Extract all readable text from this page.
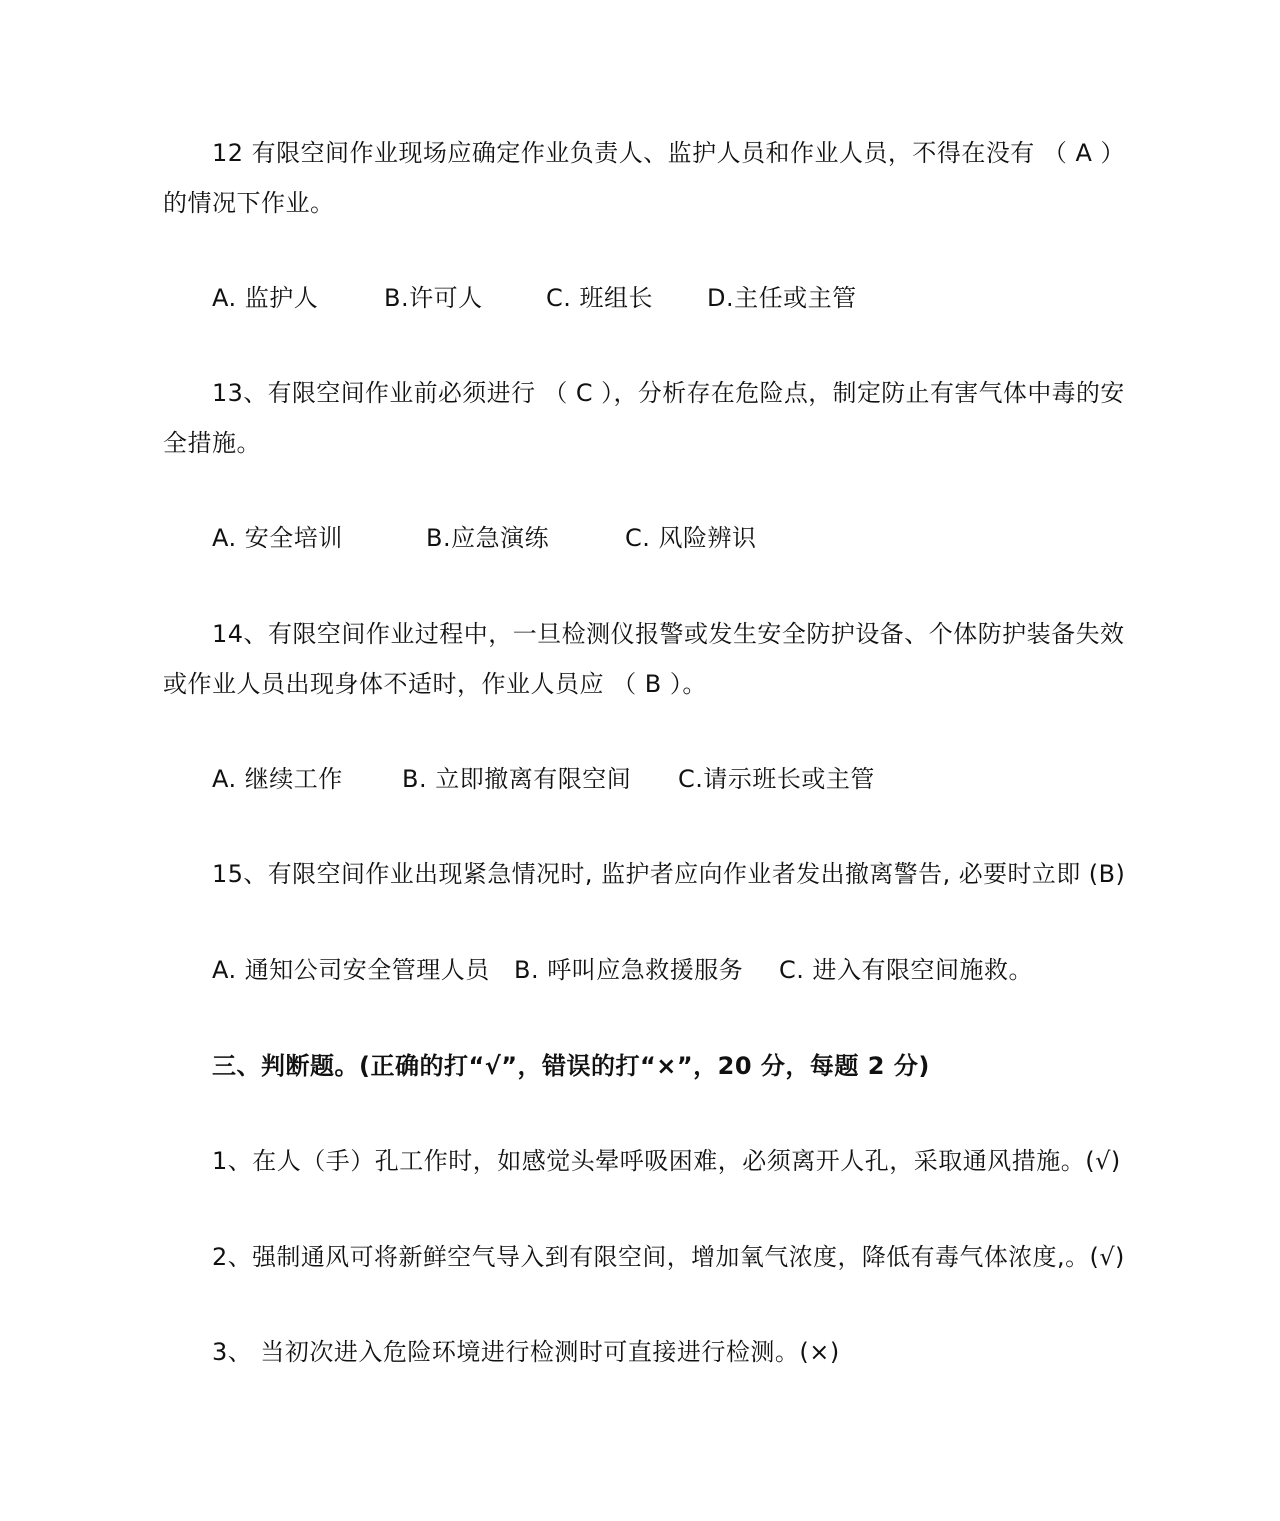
12 有限空间作业现场应确定作业负责人、监护人员和作业人员，不得在没有 （ A ）
的情况下作业。
A. 监护人	B.许可人	C. 班组长 D.主任或主管
13、有限空间作业前必须进行 （ C ），分析存在危险点，制定防止有害气体中毒的安
全措施。
A. 安全培训	B.应急演练	C. 风险辨识
14、有限空间作业过程中，一旦检测仪报警或发生安全防护设备、个体防护装备失效
或作业人员出现身体不适时，作业人员应 （ B ）。
A. 继续工作 B. 立即撤离有限空间 C.请示班长或主管
15、有限空间作业出现紧急情况时, 监护者应向作业者发出撤离警告, 必要时立即 (B)
A. 通知公司安全管理人员 B. 呼叫应急救援服务 C. 进入有限空间施救。
三、判断题。(正确的打“√”，错误的打“×”，20 分，每题 2 分)
1、在人（手）孔工作时，如感觉头晕呼吸困难，必须离开人孔，采取通风措施。(√)
2、强制通风可将新鲜空气导入到有限空间，增加氧气浓度，降低有毒气体浓度,。(√)
3、 当初次进入危险环境进行检测时可直接进行检测。(×)
